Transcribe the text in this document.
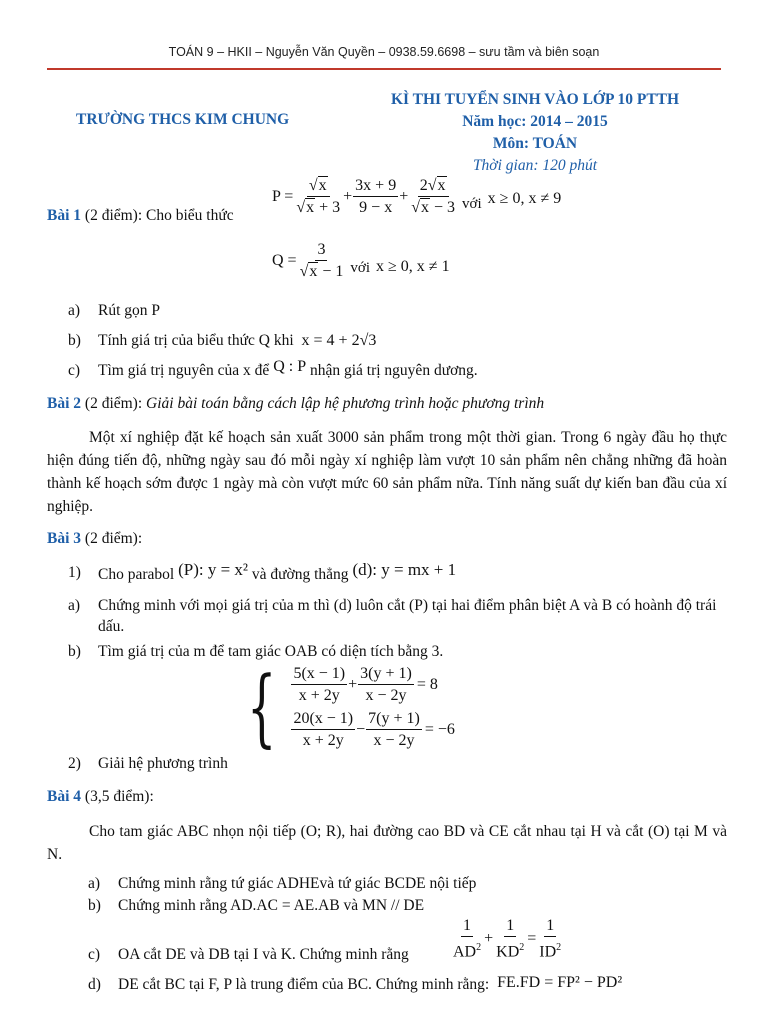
TOÁN 9 – HKII – Nguyễn Văn Quyền – 0938.59.6698 – sưu tầm và biên soạn
TRƯỜNG THCS KIM CHUNG
KÌ THI TUYỂN SINH VÀO LỚP 10 PTTH
Năm học: 2014 – 2015
Môn: TOÁN
Thời gian: 120 phút
Bài 1 (2 điểm): Cho biểu thức
$P = \frac{√x}{√x + 3} + \frac{3x + 9}{9 - x} + \frac{2√x}{√x - 3}$ với x ≥ 0, x ≠ 9
$Q = \frac{3}{√x - 1}$ với x ≥ 0, x ≠ 1
a) Rút gọn P
b) Tính giá trị của biểu thức Q khi x = 4 + 2√3
c) Tìm giá trị nguyên của x để Q : P nhận giá trị nguyên dương.
Bài 2 (2 điểm): Giải bài toán bằng cách lập hệ phương trình hoặc phương trình
Một xí nghiệp đặt kế hoạch sản xuất 3000 sản phẩm trong một thời gian. Trong 6 ngày đầu họ thực hiện đúng tiến độ, những ngày sau đó mỗi ngày xí nghiệp làm vượt 10 sản phẩm nên chẳng những đã hoàn thành kế hoạch sớm được 1 ngày mà còn vượt mức 60 sản phẩm nữa. Tính năng suất dự kiến ban đầu của xí nghiệp.
Bài 3 (2 điểm):
1) Cho parabol (P): y = x² và đường thẳng (d): y = mx + 1
a) Chứng minh với mọi giá trị của m thì (d) luôn cắt (P) tại hai điểm phân biệt A và B có hoành độ trái dấu.
b) Tìm giá trị của m để tam giác OAB có diện tích bằng 3.
{ $\frac{5(x - 1)}{x + 2y} + \frac{3(y + 1)}{x - 2y} = 8$
$\frac{20(x - 1)}{x + 2y} - \frac{7(y + 1)}{x - 2y} = -6$
2) Giải hệ phương trình
Bài 4 (3,5 điểm):
Cho tam giác ABC nhọn nội tiếp (O; R), hai đường cao BD và CE cắt nhau tại H và cắt (O) tại M và N.
a) Chứng minh rằng tứ giác ADHEvà tứ giác BCDE nội tiếp
b) Chứng minh rằng AD.AC = AE.AB và MN // DE
c) OA cắt DE và DB tại I và K. Chứng minh rằng	$\frac{1}{AD^2} + \frac{1}{KD^2} = \frac{1}{ID^2}$
d) DE cắt BC tại F, P là trung điểm của BC. Chứng minh rằng: FE.FD = FP² − PD²
